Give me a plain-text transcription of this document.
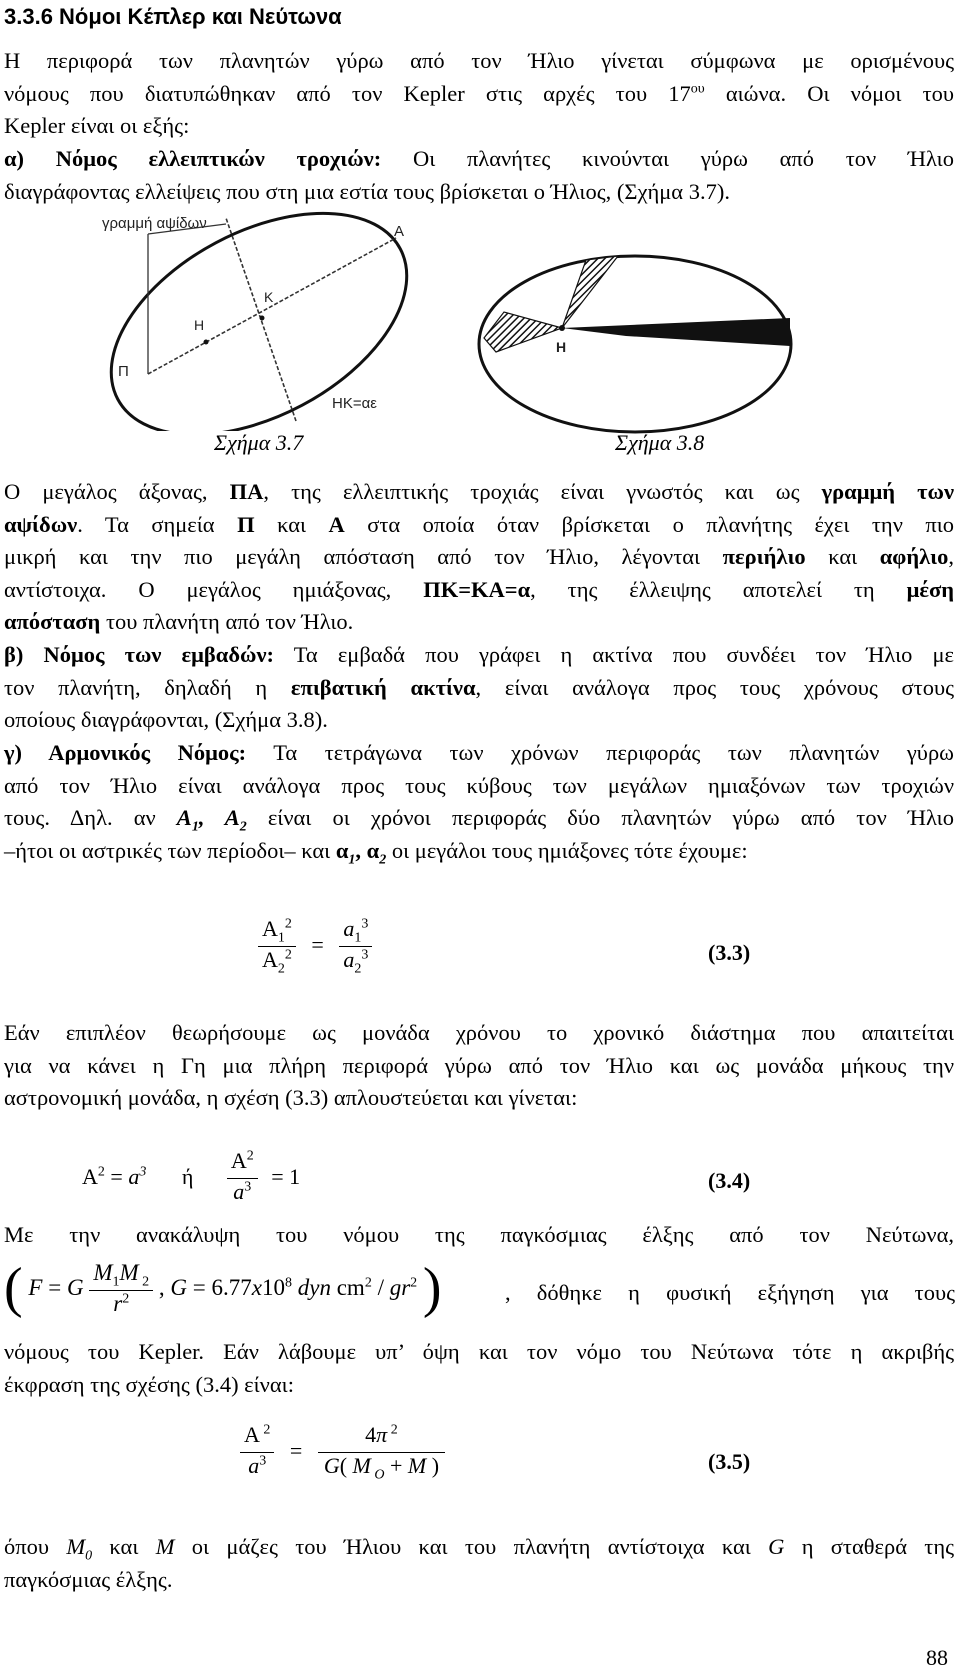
3.3.6 Νόμοι Κέπλερ και Νεύτωνα
Η περιφορά των πλανητών γύρω από τον Ήλιο γίνεται σύμφωνα με ορισμένους
νόμους που διατυπώθηκαν από τον Kepler στις αρχές του $17^{o\upsilon}$ αιώνα. Οι νόμοι του
Kepler είναι οι εξής:
α) Νόμος ελλειπτικών τροχιών: Οι πλανήτες κινούνται γύρω από τον Ήλιο
διαγράφοντας ελλείψεις που στη μια εστία τους βρίσκεται ο Ήλιος, (Σχήμα 3.7).
γραμμή αψίδων
Π
Α
Η
Κ
ΗΚ=αε
Σχήμα 3.7
Η
Σχήμα 3.8
Ο μεγάλος άξονας, ΠΑ, της ελλειπτικής τροχιάς είναι γνωστός και ως γραμμή των
αψίδων. Τα σημεία Π και Α στα οποία όταν βρίσκεται ο πλανήτης έχει την πιο
μικρή και την πιο μεγάλη απόσταση από τον Ήλιο, λέγονται περιήλιο και αφήλιο,
αντίστοιχα. Ο μεγάλος ημιάξονας, ΠΚ=ΚΑ=α, της έλλειψης αποτελεί τη μέση
απόσταση του πλανήτη από τον Ήλιο.
β) Νόμος των εμβαδών: Τα εμβαδά που γράφει η ακτίνα που συνδέει τον Ήλιο με
τον πλανήτη, δηλαδή η επιβατική ακτίνα, είναι ανάλογα προς τους χρόνους στους
οποίους διαγράφονται, (Σχήμα 3.8).
γ) Αρμονικός Νόμος: Τα τετράγωνα των χρόνων περιφοράς των πλανητών γύρω
από τον Ήλιο είναι ανάλογα προς τους κύβους των μεγάλων ημιαξόνων των τροχιών
τους. Δηλ. αν $A_1$, $A_2$ είναι οι χρόνοι περιφοράς δύο πλανητών γύρω από τον Ήλιο
–ήτοι οι αστρικές των περίοδοι– και $\alpha_1$, $\alpha_2$ οι μεγάλοι τους ημιάξονες τότε έχουμε:
$\frac{A_1^2}{A_2^2} = \frac{a_1^3}{a_2^3}$	(3.3)
Εάν επιπλέον θεωρήσουμε ως μονάδα χρόνου το χρονικό διάστημα που απαιτείται
για να κάνει η Γη μια πλήρη περιφορά γύρω από τον Ήλιο και ως μονάδα μήκους την
αστρονομική μονάδα, η σχέση (3.3) απλουστεύεται και γίνεται:
$A^2 = a^3$ ή $\frac{A^2}{a^3} = 1$	(3.4)
Με την ανακάλυψη του νόμου της παγκόσμιας έλξης από τον Νεύτωνα,
( F = G $\frac{M_1M _2}{r^2}$ , $G = 6.77x10^8$ dyn $cm^2 / gr^2$ )	, δόθηκε η φυσική εξήγηση για τους
νόμους του Kepler. Εάν λάβουμε υπ’ όψη και τον νόμο του Νεύτωνα τότε η ακριβής
έκφραση της σχέσης (3.4) είναι:
$\frac{A ^2}{a^3} = \frac{4\pi ^2}{G( M _O + M )}$	(3.5)
όπου $M_0$ και Μ οι μάζες του Ήλιου και του πλανήτη αντίστοιχα και G η σταθερά της
παγκόσμιας έλξης.
88
